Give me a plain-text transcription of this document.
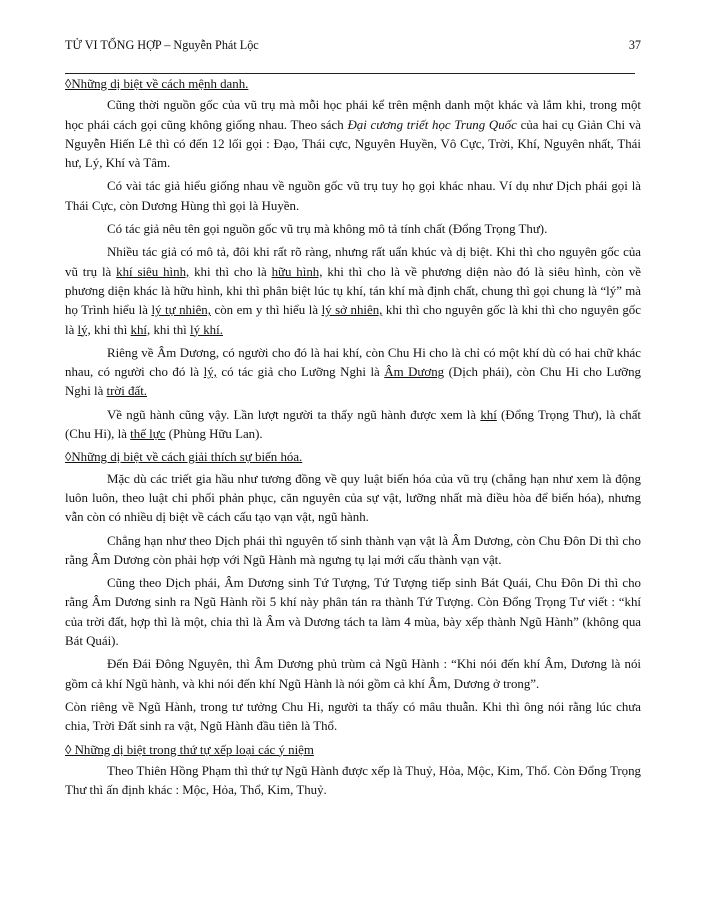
TỬ VI TỔNG HỢP – Nguyễn Phát Lộc	37
◊Những dị biệt về cách mệnh danh.

Cũng thời nguồn gốc của vũ trụ mà mỗi học phái kể trên mệnh danh một khác và lắm khi, trong một học phái cách gọi cũng không giống nhau. Theo sách Đại cương triết học Trung Quốc của hai cụ Giản Chi và Nguyễn Hiến Lê thì có đến 12 lối gọi : Đạo, Thái cực, Nguyên Huyền, Vô Cực, Trời, Khí, Nguyên nhất, Thái hư, Lý, Khí và Tâm.

Có vài tác giả hiểu giống nhau về nguồn gốc vũ trụ tuy họ gọi khác nhau. Ví dụ như Dịch phái gọi là Thái Cực, còn Dương Hùng thì gọi là Huyền.

Có tác giả nêu tên gọi nguồn gốc vũ trụ mà không mô tả tính chất (Đổng Trọng Thư).

Nhiều tác giả có mô tả, đôi khi rất rõ ràng, nhưng rất uẩn khúc và dị biệt. Khi thì cho nguyên gốc của vũ trụ là khí siêu hình, khi thì cho là hữu hình, khi thì cho là về phương diện nào đó là siêu hình, còn về phương diện khác là hữu hình, khi thì phân biệt lúc tụ khí, tán khí mà định chất, chung thì gọi chung là “lý” mà họ Trình hiểu là lý tự nhiên, còn em y thì hiểu là lý sở nhiên, khi thì cho nguyên gốc là khi thì cho nguyên gốc là lý, khi thì khí, khi thì lý khí.

Riêng về Âm Dương, có người cho đó là hai khí, còn Chu Hi cho là chỉ có một khí dù có hai chữ khác nhau, có người cho đó là lý, có tác giả cho Lưỡng Nghi là Âm Dương (Dịch phái), còn Chu Hi cho Lưỡng Nghi là trời đất.

Về ngũ hành cũng vậy. Lần lượt người ta thấy ngũ hành được xem là khí (Đổng Trọng Thư), là chất (Chu Hi), là thế lực (Phùng Hữu Lan).

◊Những dị biệt về cách giải thích sự biến hóa.

Mặc dù các triết gia hầu như tương đồng về quy luật biến hóa của vũ trụ (chẳng hạn như xem là động luôn luôn, theo luật chi phối phản phục, căn nguyên của sự vật, lưỡng nhất mà điều hòa để biến hóa), nhưng vẫn còn có nhiều dị biệt về cách cấu tạo vạn vật, ngũ hành.

Chẳng hạn như theo Dịch phái thì nguyên tố sinh thành vạn vật là Âm Dương, còn Chu Đôn Di thì cho rằng Âm Dương còn phải hợp với Ngũ Hành mà ngưng tụ lại mới cấu thành vạn vật.

Cũng theo Dịch phái, Âm Dương sinh Tứ Tượng, Tứ Tượng tiếp sinh Bát Quái, Chu Đôn Di thì cho rằng Âm Dương sinh ra Ngũ Hành rồi 5 khí này phân tán ra thành Tứ Tượng. Còn Đổng Trọng Tư viết : “khí của trời đất, hợp thì là một, chia thì là Âm và Dương tách ta làm 4 mùa, bày xếp thành Ngũ Hành” (không qua Bát Quái).

Đến Đái Đông Nguyên, thì Âm Dương phủ trùm cả Ngũ Hành : “Khi nói đến khí Âm, Dương là nói gồm cả khí Ngũ hành, và khi nói đến khí Ngũ Hành là nói gồm cả khí Âm, Dương ở trong”.

Còn riêng về Ngũ Hành, trong tư tưởng Chu Hi, người ta thấy có mâu thuẫn. Khi thì ông nói rằng lúc chưa chia, Trời Đất sinh ra vật, Ngũ Hành đầu tiên là Thổ.

◊ Những dị biệt trong thứ tự xếp loại các ý niệm

Theo Thiên Hồng Phạm thì thứ tự Ngũ Hành được xếp là Thuỷ, Hỏa, Mộc, Kim, Thổ. Còn Đổng Trọng Thư thì ấn định khác : Mộc, Hỏa, Thổ, Kim, Thuỷ.
